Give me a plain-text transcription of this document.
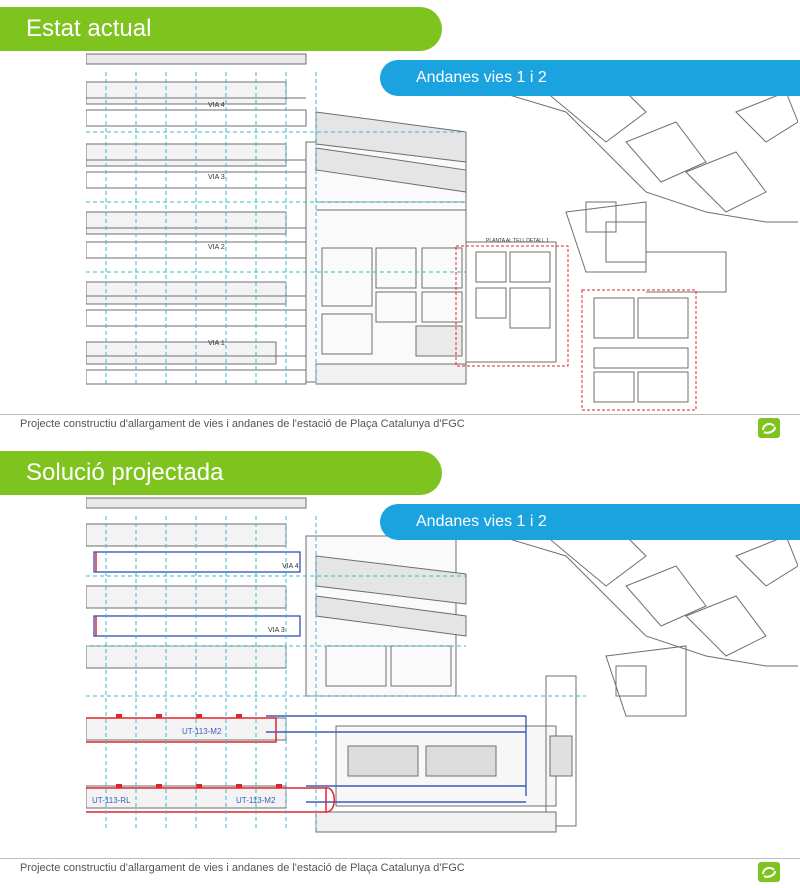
VIA 4
VIA 3
VIA 2
VIA 1
PLANTA AL TELL DETALL 1
Estat actual
Andanes vies 1 i 2
Projecte constructiu d'allargament de vies i andanes de l'estació de Plaça Catalunya d'FGC
VIA 4
VIA 3
UT-113-M2
UT-113-RL	UT-113-M2
Solució projectada
Andanes vies 1 i 2
Projecte constructiu d'allargament de vies i andanes de l'estació de Plaça Catalunya d'FGC
